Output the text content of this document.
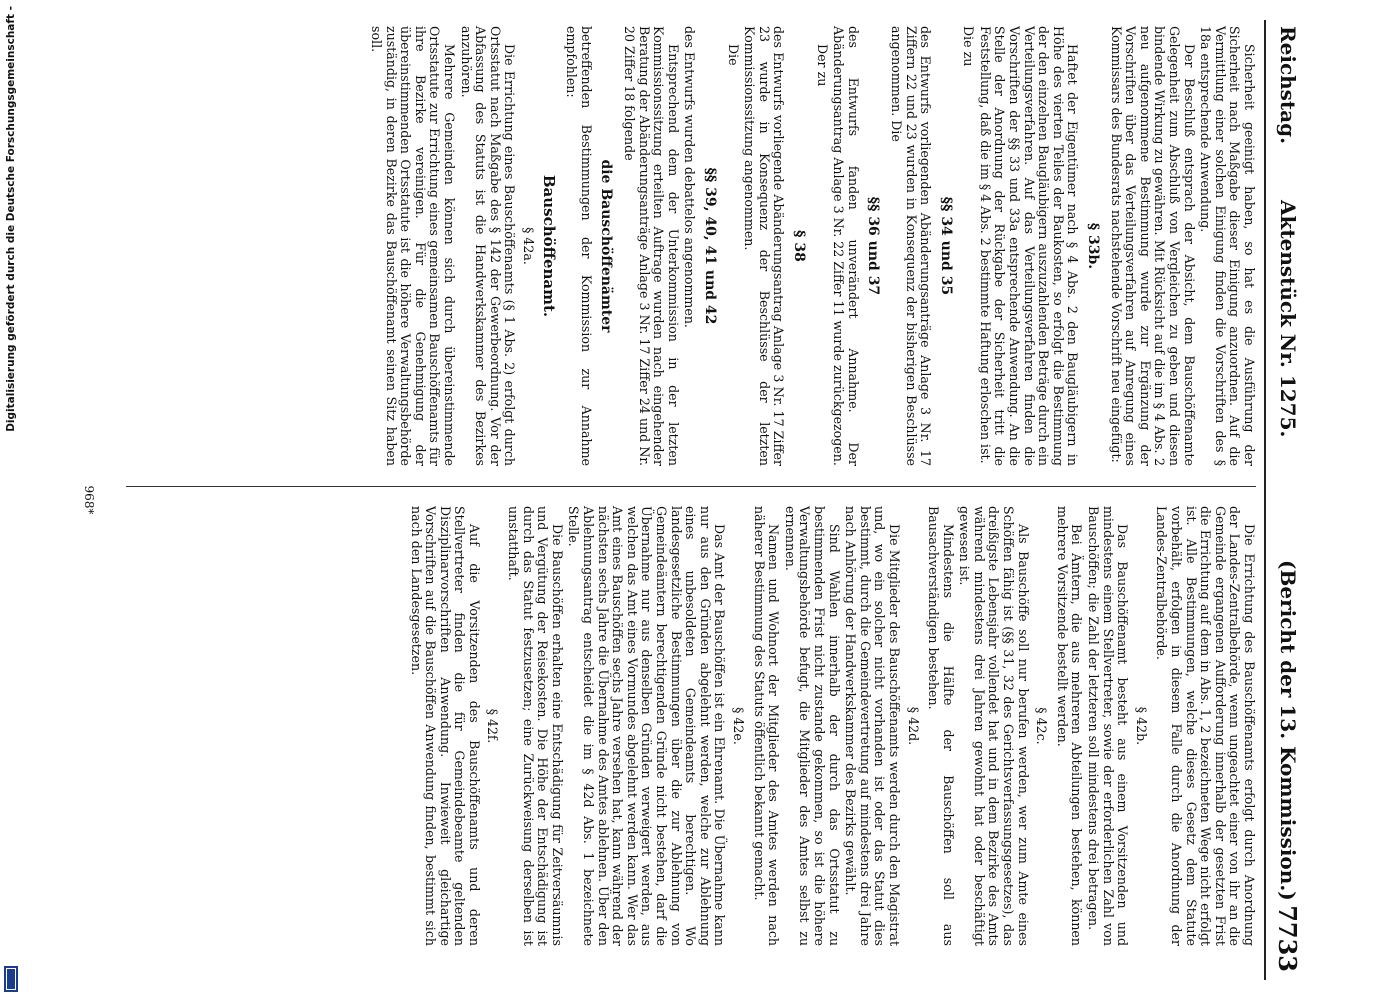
Reichstag.
Aktenstück Nr. 1275.
(Bericht der 13. Kommission.)
7733

Sicherheit geeinigt haben, so hat es die Ausführung der Sicherheit nach Maßgabe dieser Einigung anzuordnen. Auf die Vermittlung einer solchen Einigung finden die Vorschriften des § 18a entsprechende Anwendung.

Der Beschluß entsprach der Absicht, dem Bauschöffenamte Gelegenheit zum Abschluß von Vergleichen zu geben und diesen bindende Wirkung zu gewähren. Mit Rücksicht auf die im § 4 Abs. 2 neu aufgenommene Bestimmung wurde zur Ergänzung der Vorschriften über das Verteilungsverfahren auf Anregung eines Kommissars des Bundesrats nachstehende Vorschrift neu eingefügt:

§ 33b.

Haftet der Eigentümer nach § 4 Abs. 2 den Baugläubigern in Höhe des vierten Teiles der Baukosten, so erfolgt die Bestimmung der den einzelnen Baugläubigern auszuzahlenden Beträge durch ein Verteilungsverfahren. Auf das Verteilungsverfahren finden die Vorschriften der §§ 33 und 33a entsprechende Anwendung. An die Stelle der Anordnung der Rückgabe der Sicherheit tritt die Feststellung, daß die im § 4 Abs. 2 bestimmte Haftung erloschen ist.

Die zu

§§ 34 und 35

des Entwurfs vorliegenden Abänderungsanträge Anlage 3 Nr. 17 Ziffern 22 und 23 wurden in Konsequenz der bisherigen Beschlüsse angenommen. Die

§§ 36 und 37

des Entwurfs fanden unverändert Annahme. Der Abänderungsantrag Anlage 3 Nr. 22 Ziffer 11 wurde zurückgezogen.

Der zu

§ 38

des Entwurfs vorliegende Abänderungsantrag Anlage 3 Nr. 17 Ziffer 23 wurde in Konsequenz der Beschlüsse der letzten Kommissionssitzung angenommen.

Die

§§ 39, 40, 41 und 42

des Entwurfs wurden debattelos angenommen.

Entsprechend dem der Unterkommission in der letzten Kommissionssitzung erteilten Auftrage wurden nach eingehender Beratung der Abänderungsanträge Anlage 3 Nr. 17 Ziffer 24 und Nr. 20 Ziffer 18 folgende

die Bauschöffenämter

betreffenden Bestimmungen der Kommission zur Annahme empfohlen:

Bauschöffenamt.
§ 42a.

Die Errichtung eines Bauschöffenamts (§ 1 Abs. 2) erfolgt durch Ortsstatut nach Maßgabe des § 142 der Gewerbeordnung. Vor der Abfassung des Statuts ist die Handwerkskammer des Bezirkes anzuhören.

Mehrere Gemeinden können sich durch übereinstimmende Ortsstatute zur Errichtung eines gemeinsamen Bauschöffenamts für ihre Bezirke vereinigen. Für die Genehmigung der übereinstimmenden Ortsstatute ist die höhere Verwaltungsbehörde zuständig, in deren Bezirke das Bauschöffenamt seinen Sitz haben soll.

Die Errichtung des Bauschöffenamts erfolgt durch Anordnung der Landes-Zentralbehörde, wenn ungeachtet einer von ihr an die Gemeinde ergangenen Aufforderung innerhalb der gesetzten Frist die Errichtung auf dem in Abs. 1, 2 bezeichneten Wege nicht erfolgt ist. Alle Bestimmungen, welche dieses Gesetz dem Statute vorbehält, erfolgen in diesem Falle durch die Anordnung der Landes-Zentralbehörde.

§ 42b.

Das Bauschöffenamt besteht aus einem Vorsitzenden und mindestens einem Stellvertreter, sowie der erforderlichen Zahl von Bauschöffen; die Zahl der letzteren soll mindestens drei betragen.

Bei Ämtern, die aus mehreren Abteilungen bestehen, können mehrere Vorsitzende bestellt werden.

§ 42c.

Als Bauschöffe soll nur berufen werden, wer zum Amte eines Schöffen fähig ist (§§ 31, 32 des Gerichtsverfassungsgesetzes), das dreißigste Lebensjahr vollendet hat und in dem Bezirke des Amts während mindestens drei Jahren gewohnt hat oder beschäftigt gewesen ist.

Mindestens die Hälfte der Bauschöffen soll aus Bausachverständigen bestehen.

§ 42d.

Die Mitglieder des Bauschöffenamts werden durch den Magistrat und, wo ein solcher nicht vorhanden ist oder das Statut dies bestimmt, durch die Gemeindevertretung auf mindestens drei Jahre nach Anhörung der Handwerkskammer des Bezirks gewählt.

Sind Wahlen innerhalb der durch das Ortsstatut zu bestimmenden Frist nicht zustande gekommen, so ist die höhere Verwaltungsbehörde befugt, die Mitglieder des Amtes selbst zu ernennen.

Namen und Wohnort der Mitglieder des Amtes werden nach näherer Bestimmung des Statuts öffentlich bekannt gemacht.

§ 42e.

Das Amt der Bauschöffen ist ein Ehrenamt. Die Übernahme kann nur aus den Gründen abgelehnt werden, welche zur Ablehnung eines unbesoldeten Gemeindeamts berechtigen. Wo landesgesetzliche Bestimmungen über die zur Ablehnung von Gemeindeämtern berechtigenden Gründe nicht bestehen, darf die Übernahme nur aus denselben Gründen verweigert werden, aus welchen das Amt eines Vormundes abgelehnt werden kann. Wer das Amt eines Bauschöffen sechs Jahre versehen hat, kann während der nächsten sechs Jahre die Übernahme des Amtes ablehnen. Über den Ablehnungsantrag entscheidet die im § 42d Abs. 1 bezeichnete Stelle.

Die Bauschöffen erhalten eine Entschädigung für Zeitversäumnis und Vergütung der Reisekosten. Die Höhe der Entschädigung ist durch das Statut festzusetzen; eine Zurückweisung derselben ist unstatthaft.

§ 42f.

Auf die Vorsitzenden des Bauschöffenamts und deren Stellvertreter finden die für Gemeindebeamte geltenden Disziplinarvorschriften Anwendung. Inwieweit gleichartige Vorschriften auf die Bauschöffen Anwendung finden, bestimmt sich nach den Landesgesetzen.

968*
Digitalisierung gefördert durch die Deutsche Forschungsgemeinschaft -
